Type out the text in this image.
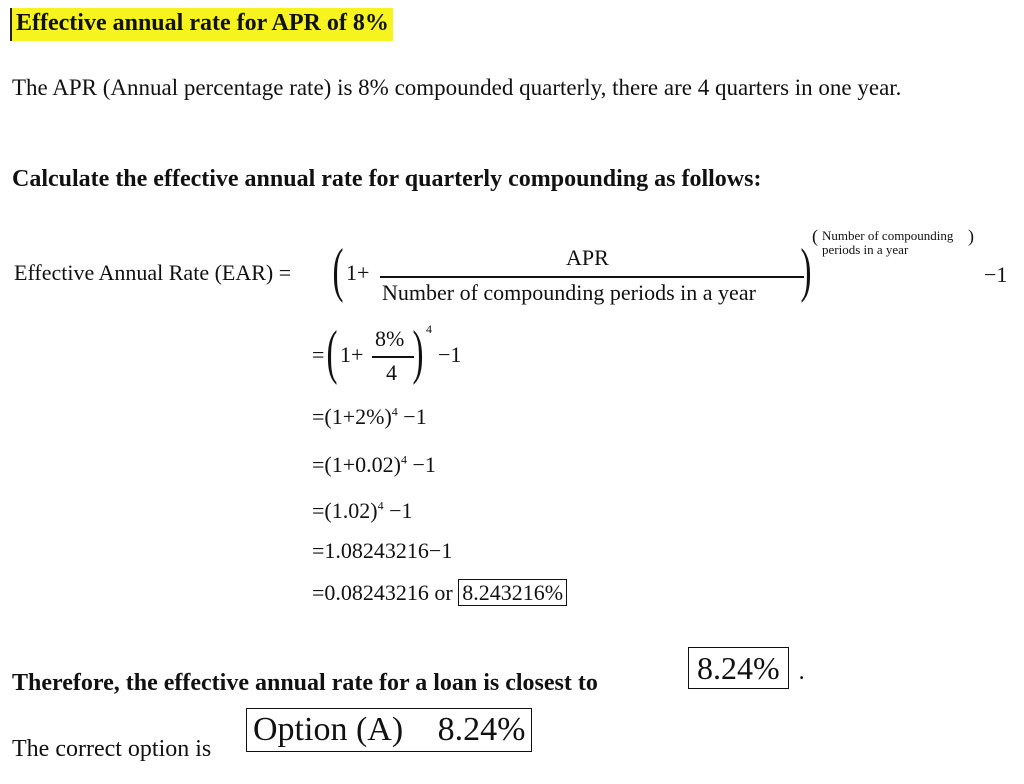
Effective annual rate for APR of 8%
The APR (Annual percentage rate) is 8% compounded quarterly, there are 4 quarters in one year.
Calculate the effective annual rate for quarterly compounding as follows:
Effective Annual Rate (EAR) = ( 1+
APR
Number of compounding periods in a year )
( Number of compounding
periods in a year
)
−1
= ( 1+
8%
4 ) 4
−1
$=(1+2\%)^4 -1$
$=(1+0.02)^4 -1$
$=(1.02)^4 -1$
=1.08243216−1
=0.08243216 or 8.243216%
Therefore, the effective annual rate for a loan is closest to	8.24% .
The correct option is
Option (A) 8.24%
